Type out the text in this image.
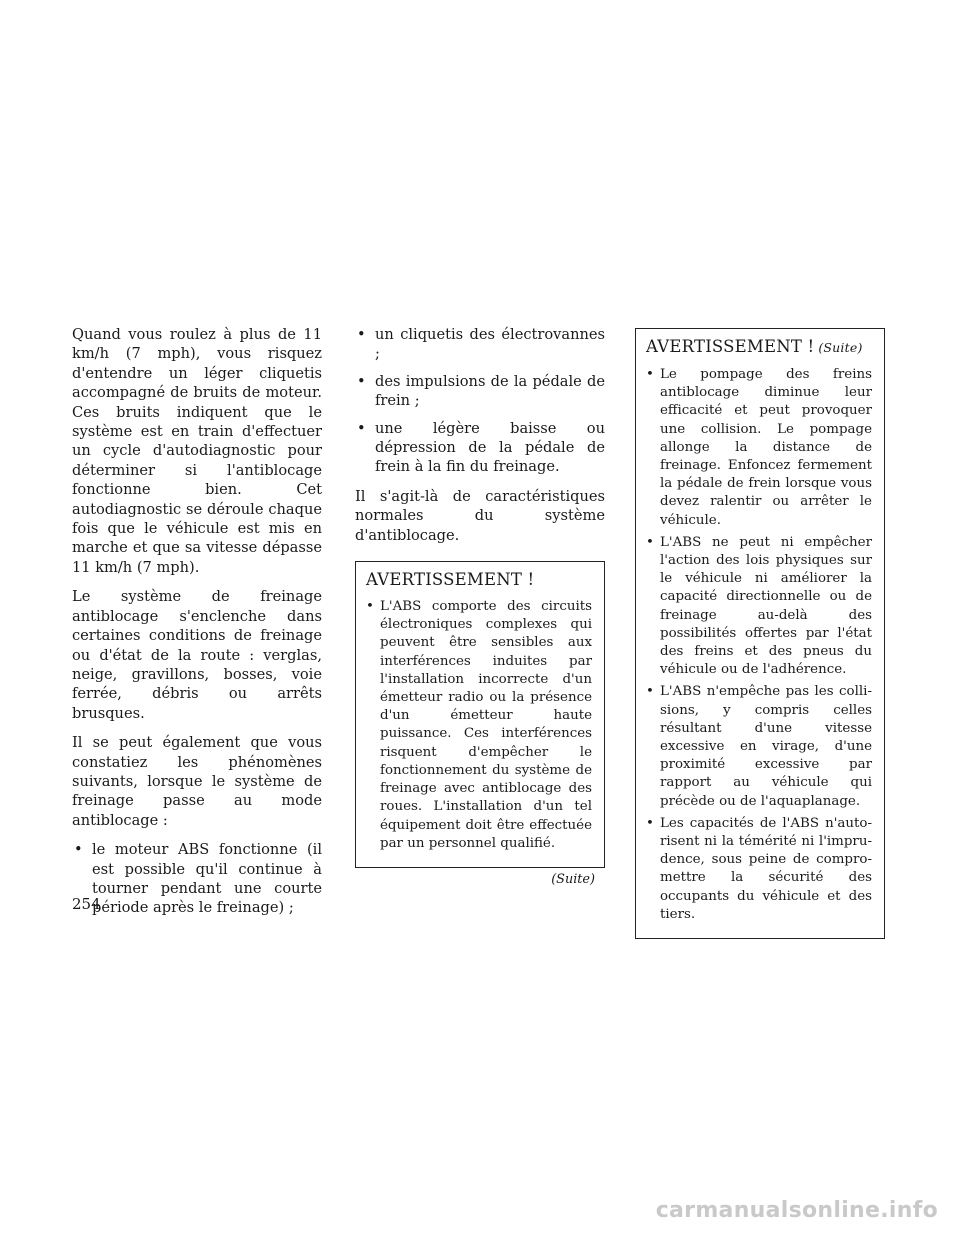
Quand vous roulez à plus de 11 km/h (7 mph), vous risquez d'entendre un léger cliquetis accompagné de bruits de moteur. Ces bruits indiquent que le système est en train d'effectuer un cycle d'autodiagnostic pour déterminer si l'antiblocage fonctionne bien. Cet autodiagnostic se déroule chaque fois que le véhicule est mis en marche et que sa vitesse dépasse 11 km/h (7 mph).

Le système de freinage antiblocage s'enclenche dans certaines conditions de freinage ou d'état de la route : verglas, neige, gravillons, bosses, voie ferrée, débris ou arrêts brusques.

Il se peut également que vous constatiez les phénomènes suivants, lorsque le système de freinage passe au mode antiblocage :

• le moteur ABS fonctionne (il est possible qu'il continue à tourner pendant une courte période après le freinage) ;
• un cliquetis des électrovannes ;
• des impulsions de la pédale de frein ;
• une légère baisse ou dépression de la pédale de frein à la fin du freinage.

Il s'agit-là de caractéristiques normales du système d'antiblocage.

AVERTISSEMENT !
• L'ABS comporte des circuits électroniques complexes qui peuvent être sensibles aux interférences induites par l'installation incorrecte d'un émetteur radio ou la présence d'un émetteur haute puissance. Ces interférences risquent d'empêcher le fonctionnement du système de freinage avec antiblocage des roues. L'installation d'un tel équipement doit être effectuée par un personnel qualifié.
(Suite)
AVERTISSEMENT ! (Suite)
• Le pompage des freins antiblocage diminue leur efficacité et peut provoquer une collision. Le pompage allonge la distance de freinage. Enfoncez fermement la pédale de frein lorsque vous devez ralentir ou arrêter le véhicule.
• L'ABS ne peut ni empêcher l'action des lois physiques sur le véhicule ni améliorer la capacité directionnelle ou de freinage au-delà des possibilités offertes par l'état des freins et des pneus du véhicule ou de l'adhérence.
• L'ABS n'empêche pas les collisions, y compris celles résultant d'une vitesse excessive en virage, d'une proximité excessive par rapport au véhicule qui précède ou de l'aquaplanage.
• Les capacités de l'ABS n'autorisent ni la témérité ni l'imprudence, sous peine de compromettre la sécurité des occupants du véhicule et des tiers.
254
carmanualsonline.info
